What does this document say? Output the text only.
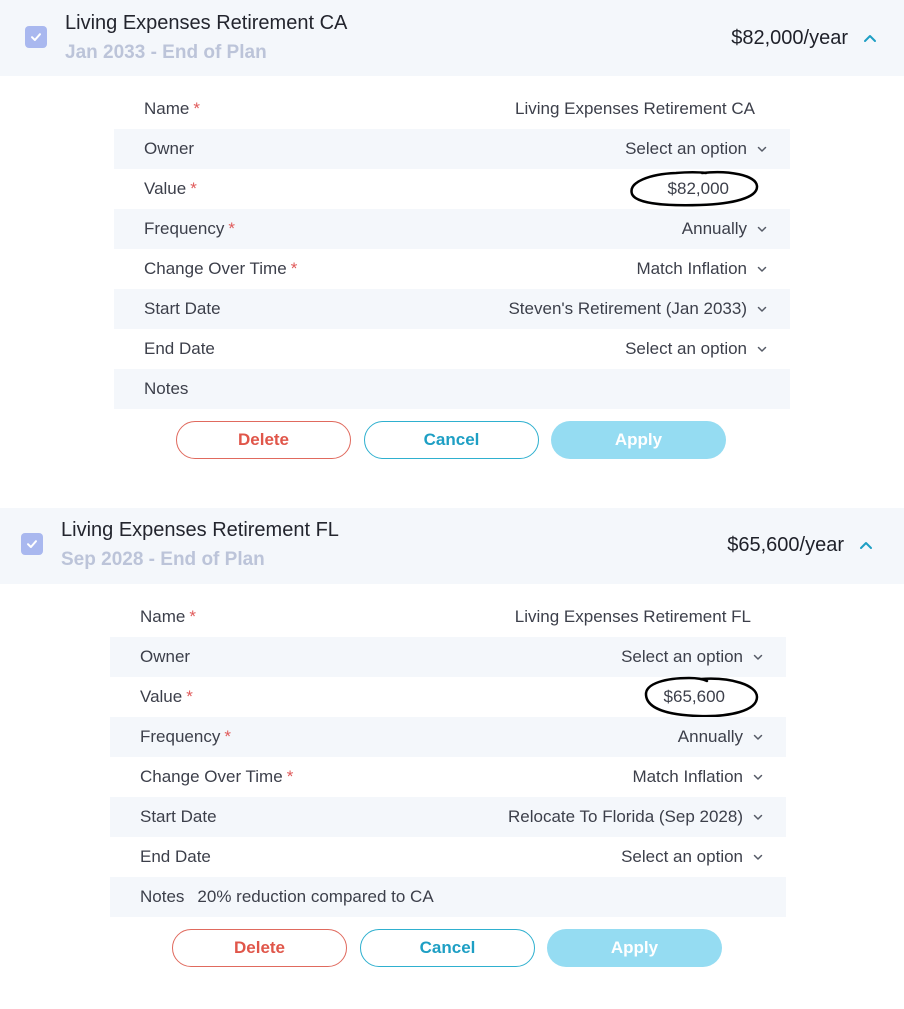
Living Expenses Retirement CA
Jan 2033 - End of Plan
$82,000/year
Name *	Living Expenses Retirement CA
Owner	Select an option
Value *	$82,000
Frequency *	Annually
Change Over Time *	Match Inflation
Start Date	Steven's Retirement (Jan 2033)
End Date	Select an option
Notes
Delete	Cancel	Apply
Living Expenses Retirement FL
Sep 2028 - End of Plan
$65,600/year
Name *	Living Expenses Retirement FL
Owner	Select an option
Value *	$65,600
Frequency *	Annually
Change Over Time *	Match Inflation
Start Date	Relocate To Florida (Sep 2028)
End Date	Select an option
Notes 20% reduction compared to CA
Delete	Cancel	Apply
